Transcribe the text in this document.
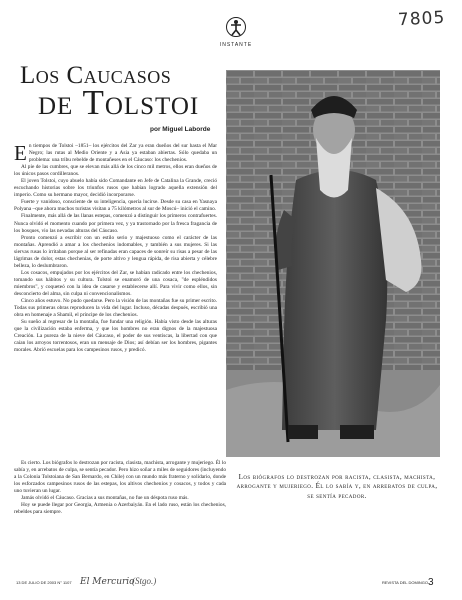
7805
INSTANTE
Los Caucasos
de Tolstoi
por Miguel Laborde

En tiempos de Tolstoi –1851– los ejércitos del Zar ya eran dueños del sur hasta el Mar Negro; las rutas al Medio Oriente y a Asia ya estaban abiertas. Sólo quedaba un problema: una tribu rebelde de montañeses en el Cáucaso: los chechenios.

Al pie de las cumbres, que se elevan más allá de los cinco mil metros, ellos eran dueños de los únicos pasos cordilleranos.

El joven Tolstoi, cuyo abuelo había sido Comandante en Jefe de Catalina la Grande, creció escuchando historias sobre los triunfos rusos que habían logrado aquella extensión del imperio. Como su hermano mayor, decidió incorporarse.

Fuerte y vanidoso, consciente de su inteligencia, quería lucirse. Desde su casa en Yasnaya Polyana –que ahora muchos turistas visitan a 75 kilómetros al sur de Moscú– inició el camino.

Finalmente, más allá de las llanas estepas, comenzó a distinguir los primeros contrafuertes. Nunca olvidó el momento cuando por primera vez, y ya trastornado por la fresca fragancia de los bosques, vio las nevadas alturas del Cáucaso.

Pronto comenzó a escribir con un estilo serio y majestuoso como el carácter de las montañas. Aprendió a amar a los chechenios indomables, y también a sus mujeres. Si las siervas rusas lo irritaban porque al ser refinadas eran capaces de sonreír su risas a pesar de las lágrimas de dolor, estas chechenias, de porte altivo y lengua rápida, de risa abierta y célebre belleza, lo deslumbraron.

Los cosacos, empujados por los ejércitos del Zar, se habían radicado entre los chechenios, tomando sus hábitos y su cultura. Tolstoi se enamoró de una cosaca, "de espléndidos miembros", y coqueteó con la idea de casarse y establecerse allí. Para vivir como ellos, sin desconcierto del alma, sin culpa ni convencionalismos.

Cinco años estuvo. No pudo quedarse. Pero la visión de las montañas fue su primer escrito. Todas sus primeras obras reproducen la vida del lugar. Incluso, décadas después, escribió una obra en homenaje a Shamil, el príncipe de los chechenios.

Su sueño al regresar de la montaña, fue fundar una religión. Había visto desde las alturas que la civilización estaba enferma, y que los hombres no eran dignos de la majestuosa Creación. La pureza de la nieve del Cáucaso, el poder de sus ventiscas, la libertad con que caían los arroyos torrentosos, eran un mensaje de Dios; así debían ser los hombres, pigantes morales. Abrió escuelas para los campesinos rusos, y predicó.

Los biógrafos lo destrozan por racista, clasista, machista, arrogante y mujeriego. Él lo sabía y, en arrebatos de culpa, se sentía pecador.

Es cierto. Los biógrafos lo destrozan por racista, clasista, machista, arrogante y mujeriego. Él lo sabía y, en arrebatos de culpa, se sentía pecador. Pero hizo soñar a miles de seguidores (incluyendo a la Colonia Tolstoiana de San Bernardo, en Chile) con un mundo más fraterno y solidario, donde los esforzados campesinos rusos de las estepas, los altivos chechenios y cosacos, y todos y cada uno tuvieran un lugar.

Jamás olvidó el Cáucaso. Gracias a sus montañas, no fue un déspota ruso más.

Hoy se puede llegar por Georgia, Armenia o Azerbaiyán. En el lado ruso, están los chechenios, rebeldes para siempre.

13 DE JULIO DE 2003 N° 1107 El Mercurio
(Stgo.)	REVISTA DEL DOMINGO 3
